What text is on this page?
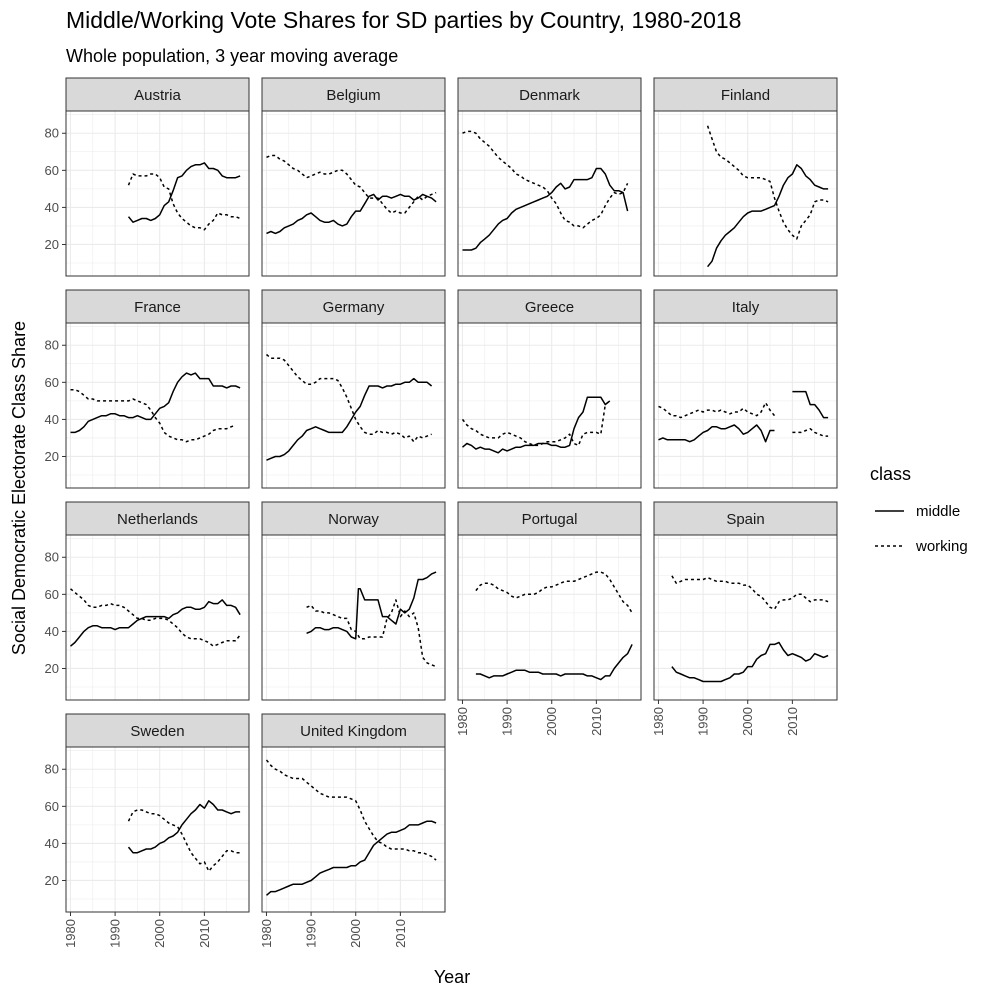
Middle/Working Vote Shares for SD parties by Country, 1980-2018
Whole population, 3 year moving average
Year
Social Democratic Electorate Class Share
Austria
20
40
60
80
Belgium	Denmark	Finland
France
20
40
60
80
Germany	Greece	Italy
Netherlands
20
40
60
80
Norway	Portugal
1980 1990 2000 2010
Spain
1980 1990 2000 2010
Sweden
20
40
60
80
1980 1990 2000 2010
United Kingdom
1980 1990 2000 2010
class
middle
working
